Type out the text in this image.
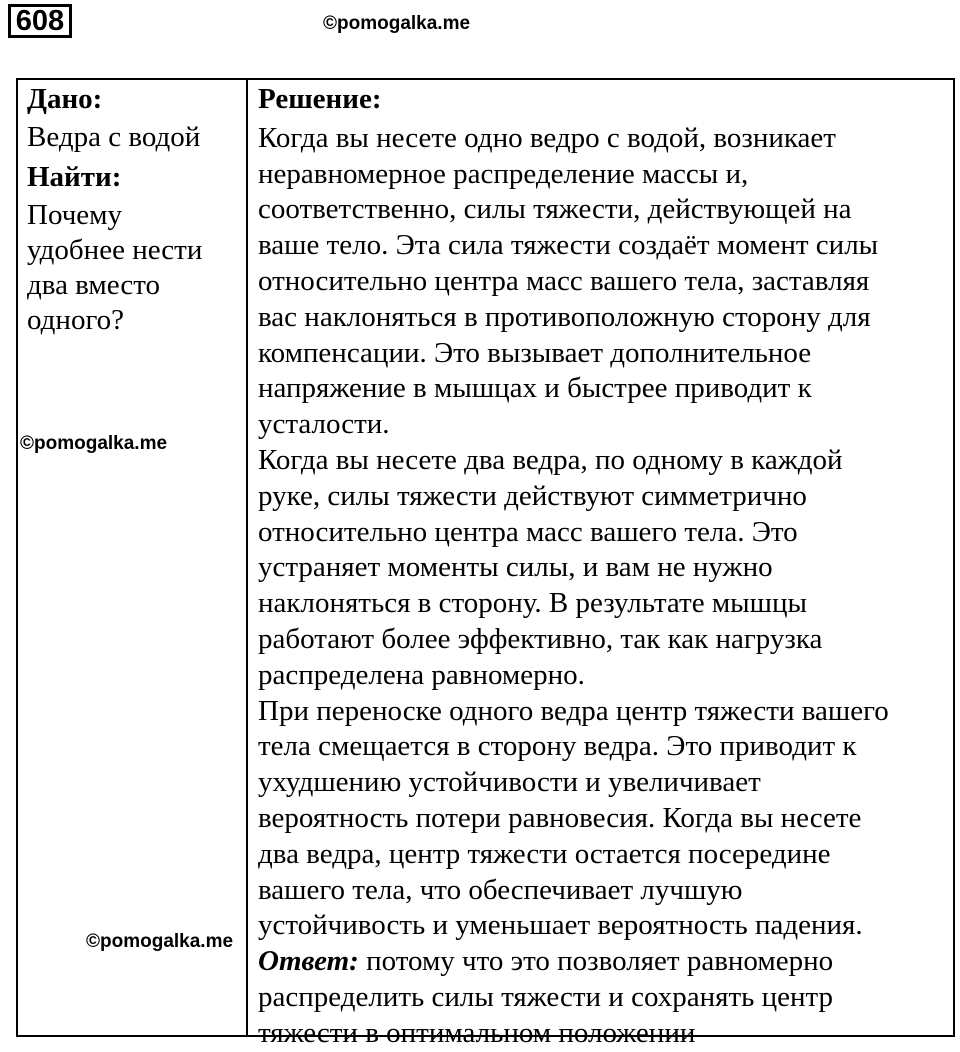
608	©pomogalka.me
Дано:
Ведра с водой
Найти:
Почему
удобнее нести
два вместо
одного?
©pomogalka.me
©pomogalka.me
Решение:
Когда вы несете одно ведро с водой, возникает
неравномерное распределение массы и,
соответственно, силы тяжести, действующей на
ваше тело. Эта сила тяжести создаёт момент силы
относительно центра масс вашего тела, заставляя
вас наклоняться в противоположную сторону для
компенсации. Это вызывает дополнительное
напряжение в мышцах и быстрее приводит к
усталости.
Когда вы несете два ведра, по одному в каждой
руке, силы тяжести действуют симметрично
относительно центра масс вашего тела. Это
устраняет моменты силы, и вам не нужно
наклоняться в сторону. В результате мышцы
работают более эффективно, так как нагрузка
распределена равномерно.
При переноске одного ведра центр тяжести вашего
тела смещается в сторону ведра. Это приводит к
ухудшению устойчивости и увеличивает
вероятность потери равновесия. Когда вы несете
два ведра, центр тяжести остается посередине
вашего тела, что обеспечивает лучшую
устойчивость и уменьшает вероятность падения.
Ответ: потому что это позволяет равномерно
распределить силы тяжести и сохранять центр
тяжести в оптимальном положении
